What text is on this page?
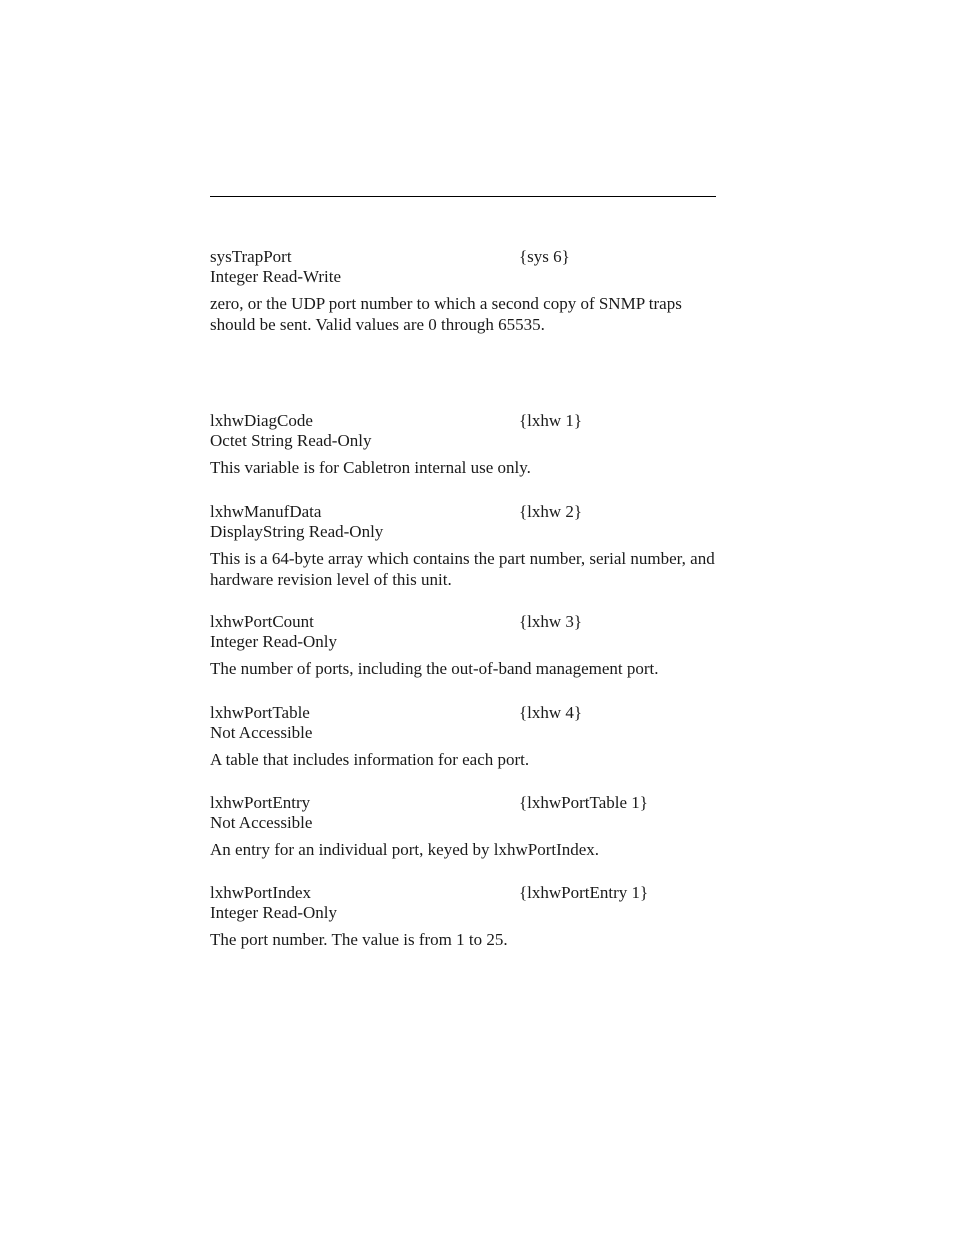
sysTrapPort	{sys 6}
Integer Read-Write
zero, or the UDP port number to which a second copy of SNMP traps should be sent. Valid values are 0 through 65535.
lxhwDiagCode	{lxhw 1}
Octet String Read-Only
This variable is for Cabletron internal use only.
lxhwManufData	{lxhw 2}
DisplayString Read-Only
This is a 64-byte array which contains the part number, serial number, and hardware revision level of this unit.
lxhwPortCount	{lxhw 3}
Integer Read-Only
The number of ports, including the out-of-band management port.
lxhwPortTable	{lxhw 4}
Not Accessible
A table that includes information for each port.
lxhwPortEntry	{lxhwPortTable 1}
Not Accessible
An entry for an individual port, keyed by lxhwPortIndex.
lxhwPortIndex	{lxhwPortEntry 1}
Integer Read-Only
The port number. The value is from 1 to 25.
